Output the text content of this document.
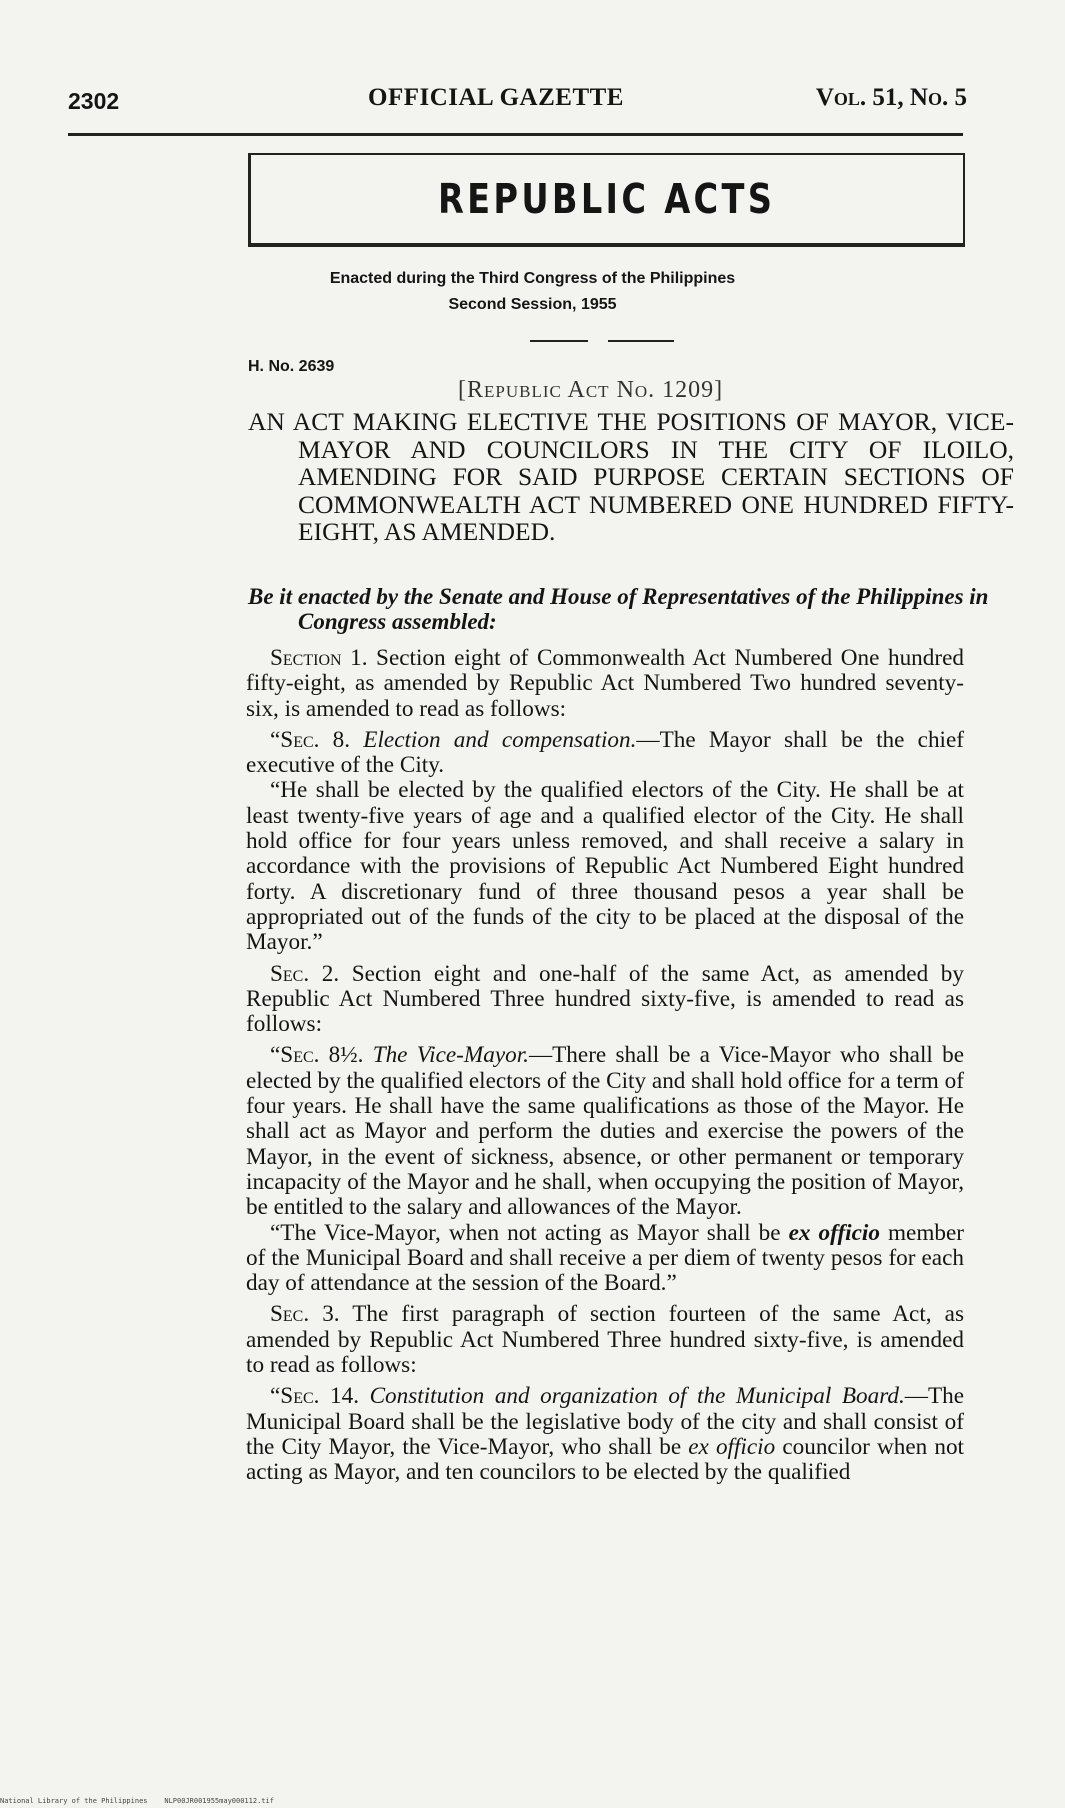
2302	OFFICIAL GAZETTE	Vol. 51, No. 5
REPUBLIC ACTS
Enacted during the Third Congress of the Philippines
Second Session, 1955
H. No. 2639
[Republic Act No. 1209]

AN ACT MAKING ELECTIVE THE POSITIONS OF MAYOR, VICE-MAYOR AND COUNCILORS IN THE CITY OF ILOILO, AMENDING FOR SAID PURPOSE CERTAIN SECTIONS OF COMMONWEALTH ACT NUMBERED ONE HUNDRED FIFTY-EIGHT, AS AMENDED.

Be it enacted by the Senate and House of Representatives of the Philippines in Congress assembled:

Section 1. Section eight of Commonwealth Act Numbered One hundred fifty-eight, as amended by Republic Act Numbered Two hundred seventy-six, is amended to read as follows:

“Sec. 8. Election and compensation.—The Mayor shall be the chief executive of the City.

“He shall be elected by the qualified electors of the City. He shall be at least twenty-five years of age and a qualified elector of the City. He shall hold office for four years unless removed, and shall receive a salary in accordance with the provisions of Republic Act Numbered Eight hundred forty. A discretionary fund of three thousand pesos a year shall be appropriated out of the funds of the city to be placed at the disposal of the Mayor.”

Sec. 2. Section eight and one-half of the same Act, as amended by Republic Act Numbered Three hundred sixty-five, is amended to read as follows:

“Sec. 8½. The Vice-Mayor.—There shall be a Vice-Mayor who shall be elected by the qualified electors of the City and shall hold office for a term of four years. He shall have the same qualifications as those of the Mayor. He shall act as Mayor and perform the duties and exercise the powers of the Mayor, in the event of sickness, absence, or other permanent or temporary incapacity of the Mayor and he shall, when occupying the position of Mayor, be entitled to the salary and allowances of the Mayor.

“The Vice-Mayor, when not acting as Mayor shall be ex officio member of the Municipal Board and shall receive a per diem of twenty pesos for each day of attendance at the session of the Board.”

Sec. 3. The first paragraph of section fourteen of the same Act, as amended by Republic Act Numbered Three hundred sixty-five, is amended to read as follows:

“Sec. 14. Constitution and organization of the Municipal Board.—The Municipal Board shall be the legislative body of the city and shall consist of the City Mayor, the Vice-Mayor, who shall be ex officio councilor when not acting as Mayor, and ten councilors to be elected by the qualified

National Library of the Philippines    NLP00JR001955may000112.tif
